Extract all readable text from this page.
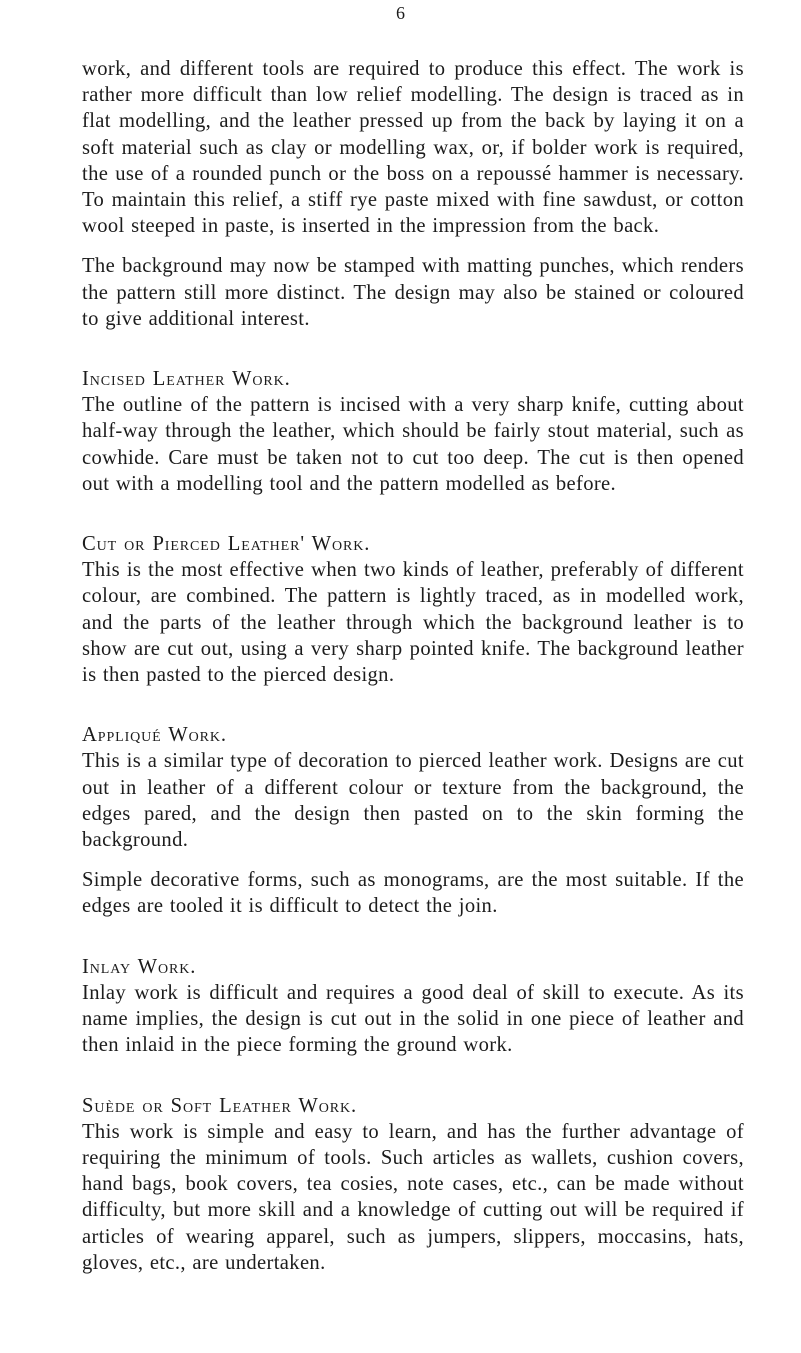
6

work, and different tools are required to produce this effect. The work is rather more difficult than low relief modelling. The design is traced as in flat modelling, and the leather pressed up from the back by laying it on a soft material such as clay or modelling wax, or, if bolder work is required, the use of a rounded punch or the boss on a repoussé hammer is necessary. To maintain this relief, a stiff rye paste mixed with fine sawdust, or cotton wool steeped in paste, is inserted in the impression from the back.

The background may now be stamped with matting punches, which renders the pattern still more distinct. The design may also be stained or coloured to give additional interest.

Incised Leather Work.

The outline of the pattern is incised with a very sharp knife, cutting about half-way through the leather, which should be fairly stout material, such as cowhide. Care must be taken not to cut too deep. The cut is then opened out with a modelling tool and the pattern modelled as before.

Cut or Pierced Leather' Work.

This is the most effective when two kinds of leather, preferably of different colour, are combined. The pattern is lightly traced, as in modelled work, and the parts of the leather through which the background leather is to show are cut out, using a very sharp pointed knife. The background leather is then pasted to the pierced design.

Appliqué Work.

This is a similar type of decoration to pierced leather work. Designs are cut out in leather of a different colour or texture from the background, the edges pared, and the design then pasted on to the skin forming the background.

Simple decorative forms, such as monograms, are the most suitable. If the edges are tooled it is difficult to detect the join.

Inlay Work.

Inlay work is difficult and requires a good deal of skill to execute. As its name implies, the design is cut out in the solid in one piece of leather and then inlaid in the piece forming the ground work.

Suède or Soft Leather Work.

This work is simple and easy to learn, and has the further advantage of requiring the minimum of tools. Such articles as wallets, cushion covers, hand bags, book covers, tea cosies, note cases, etc., can be made without difficulty, but more skill and a knowledge of cutting out will be required if articles of wearing apparel, such as jumpers, slippers, moccasins, hats, gloves, etc., are undertaken.
